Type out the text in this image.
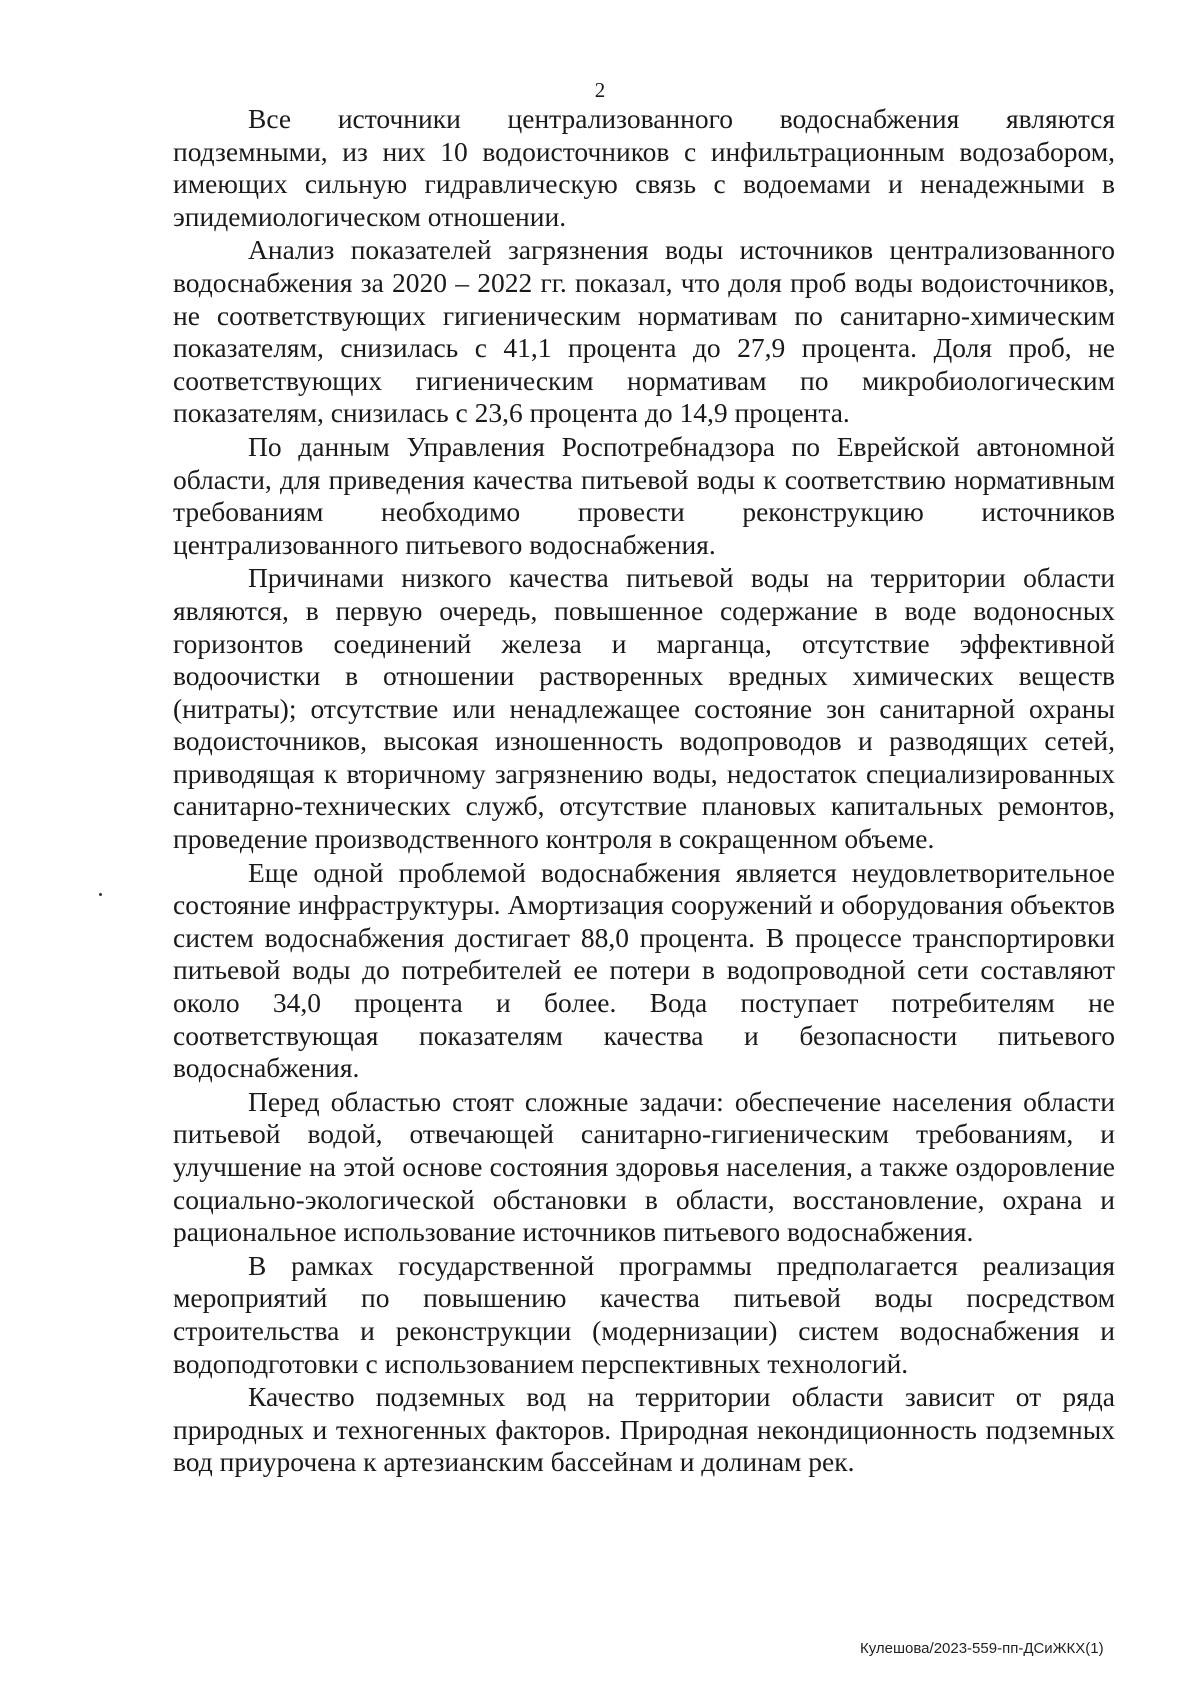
2

Все источники централизованного водоснабжения являются подземными, из них 10 водоисточников с инфильтрационным водозабором, имеющих сильную гидравлическую связь с водоемами и ненадежными в эпидемиологическом отношении.

Анализ показателей загрязнения воды источников централизованного водоснабжения за 2020 – 2022 гг. показал, что доля проб воды водоисточников, не соответствующих гигиеническим нормативам по санитарно-химическим показателям, снизилась с 41,1 процента до 27,9 процента. Доля проб, не соответствующих гигиеническим нормативам по микробиологическим показателям, снизилась с 23,6 процента до 14,9 процента.

По данным Управления Роспотребнадзора по Еврейской автономной области, для приведения качества питьевой воды к соответствию нормативным требованиям необходимо провести реконструкцию источников централизованного питьевого водоснабжения.

Причинами низкого качества питьевой воды на территории области являются, в первую очередь, повышенное содержание в воде водоносных горизонтов соединений железа и марганца, отсутствие эффективной водоочистки в отношении растворенных вредных химических веществ (нитраты); отсутствие или ненадлежащее состояние зон санитарной охраны водоисточников, высокая изношенность водопроводов и разводящих сетей, приводящая к вторичному загрязнению воды, недостаток специализированных санитарно-технических служб, отсутствие плановых капитальных ремонтов, проведение производственного контроля в сокращенном объеме.

Еще одной проблемой водоснабжения является неудовлетворительное состояние инфраструктуры. Амортизация сооружений и оборудования объектов систем водоснабжения достигает 88,0 процента. В процессе транспортировки питьевой воды до потребителей ее потери в водопроводной сети составляют около 34,0 процента и более. Вода поступает потребителям не соответствующая показателям качества и безопасности питьевого водоснабжения.

Перед областью стоят сложные задачи: обеспечение населения области питьевой водой, отвечающей санитарно-гигиеническим требованиям, и улучшение на этой основе состояния здоровья населения, а также оздоровление социально-экологической обстановки в области, восстановление, охрана и рациональное использование источников питьевого водоснабжения.

В рамках государственной программы предполагается реализация мероприятий по повышению качества питьевой воды посредством строительства и реконструкции (модернизации) систем водоснабжения и водоподготовки с использованием перспективных технологий.

Качество подземных вод на территории области зависит от ряда природных и техногенных факторов. Природная некондиционность подземных вод приурочена к артезианским бассейнам и долинам рек.

Кулешова/2023-559-пп-ДСиЖКХ(1)
